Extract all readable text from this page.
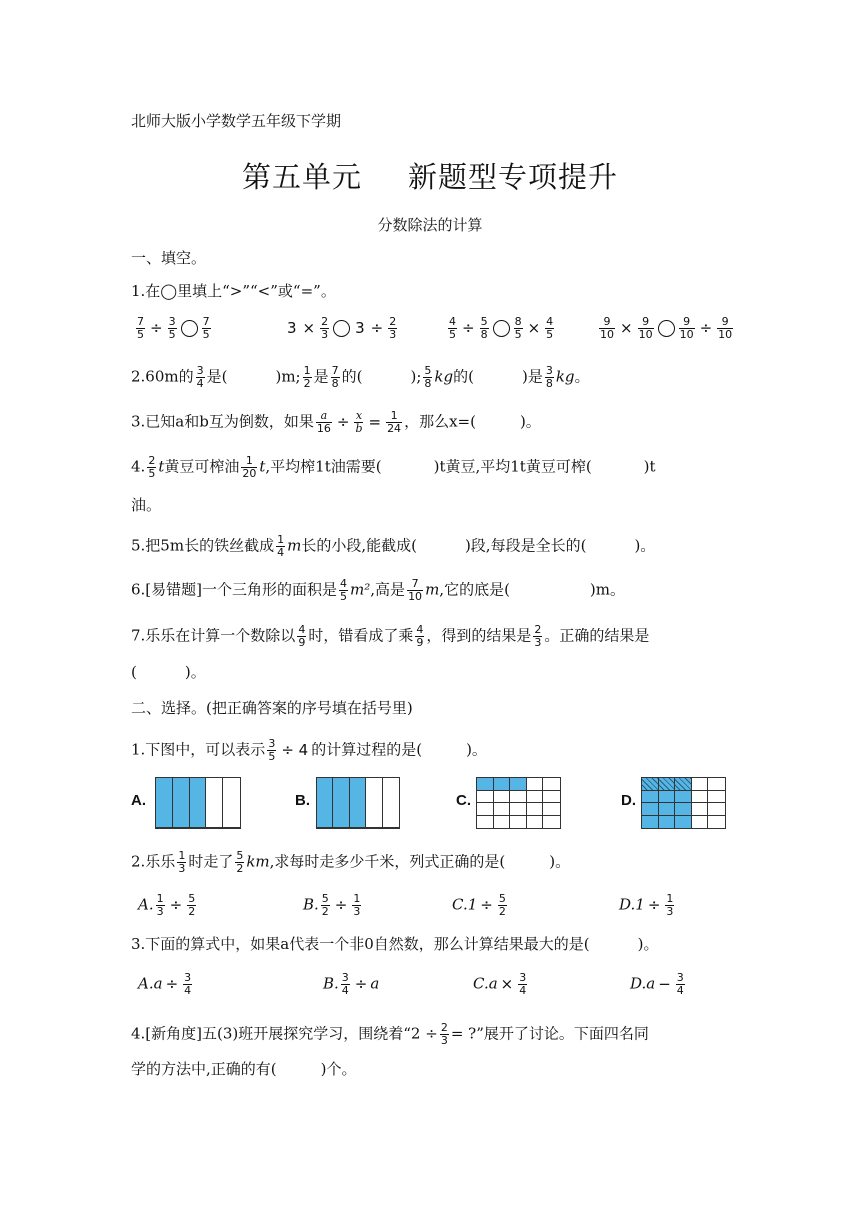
北师大版小学数学五年级下学期
第五单元 新题型专项提升
分数除法的计算
一、填空。
1.在◯里填上“>”“<”或“=”。
$\frac{7}{5} \div \frac{3}{5} \frac{7}{5}$	$3 \times \frac{2}{3} 3 \div \frac{2}{3}$	$\frac{4}{5} \div \frac{5}{8} \frac{8}{5} \times \frac{4}{5}$	$\frac{9}{10} \times \frac{9}{10} \frac{9}{10} \div \frac{9}{10}$
2.60m的 $\frac{3}{4}$ 是(	)m; $\frac{1}{2}$ 是 $\frac{7}{8}$ 的(	); $\frac{5}{8}$ kg的(	)是 $\frac{3}{8}$ kg。
3.已知a和b互为倒数，如果 $\frac{a}{16} \div \frac{x}{b} = \frac{1}{24}$ ，那么x=(	)。
4. $\frac{2}{5}$ t黄豆可榨油 $\frac{1}{20} t$,平均榨1t油需要(	)t黄豆,平均1t黄豆可榨(	)t
油。
5.把5m长的铁丝截成 $\frac{1}{4}$ m长的小段,能截成(	)段,每段是全长的(	)。
6.[易错题]一个三角形的面积是 $\frac{4}{5} m^2$,高是 $\frac{7}{10} m$,它的底是(	)m。
7.乐乐在计算一个数除以 $\frac{4}{9}$ 时，错看成了乘 $\frac{4}{9}$ ，得到的结果是 $\frac{2}{3}$ 。正确的结果是
(	)。
二、选择。(把正确答案的序号填在括号里)
1.下图中，可以表示 $\frac{3}{5} \div 4$ 的计算过程的是(	)。
A.	B.	C.	D.
2.乐乐 $\frac{1}{3}$ 时走了 $\frac{5}{2}$ km,求每时走多少千米，列式正确的是(	)。
A. $\frac{1}{3} \div \frac{5}{2}$	B. $\frac{5}{2} \div \frac{1}{3}$	$C.1 \div \frac{5}{2}$	$D.1 \div \frac{1}{3}$
3.下面的算式中，如果a代表一个非0自然数，那么计算结果最大的是(	)。
$A.a \div \frac{3}{4}$	B. $\frac{3}{4} \div a$	$C.a \times \frac{3}{4}$	$D.a - \frac{3}{4}$
4.[新角度]五(3)班开展探究学习，围绕着“$2 \div \frac{2}{3}$ = ?”展开了讨论。下面四名同
学的方法中,正确的有(	)个。
